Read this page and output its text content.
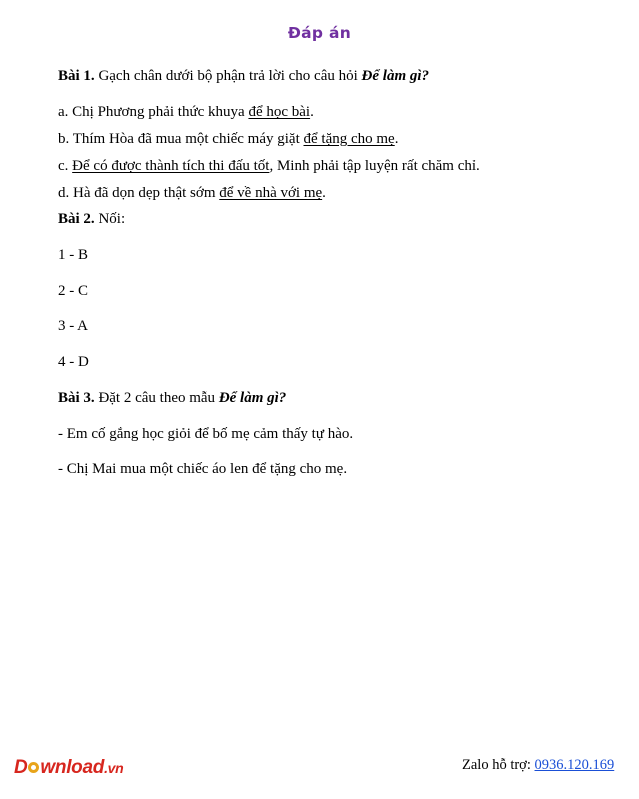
Đáp án
Bài 1. Gạch chân dưới bộ phận trả lời cho câu hỏi Để làm gì?
a. Chị Phương phải thức khuya để học bài.
b. Thím Hòa đã mua một chiếc máy giặt để tặng cho mẹ.
c. Để có được thành tích thi đấu tốt, Minh phải tập luyện rất chăm chỉ.
d. Hà đã dọn dẹp thật sớm để về nhà với mẹ.
Bài 2. Nối:
1 - B
2 - C
3 - A
4 - D
Bài 3. Đặt 2 câu theo mẫu Để làm gì?
- Em cố gắng học giỏi để bố mẹ cảm thấy tự hào.
- Chị Mai mua một chiếc áo len để tặng cho mẹ.
D wnload.vn	Zalo hỗ trợ: 0936.120.169
